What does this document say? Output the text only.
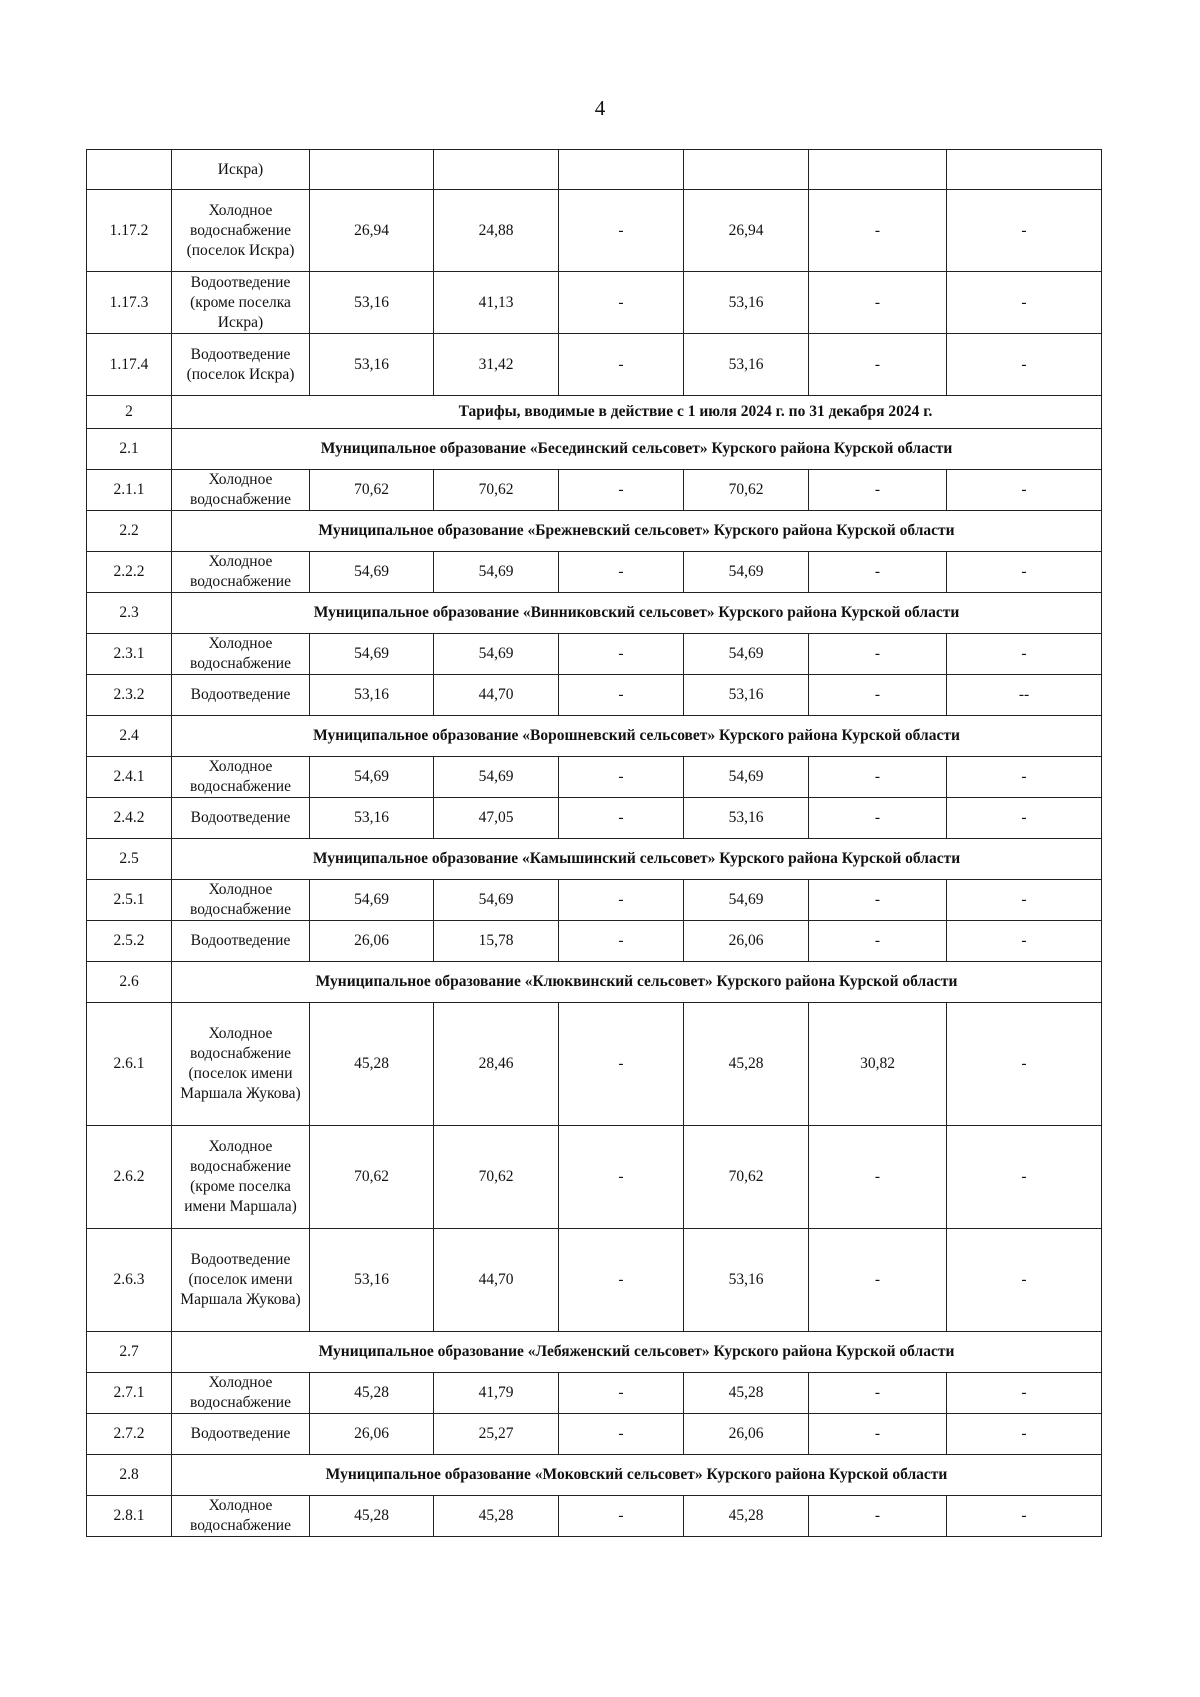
4
	Искра)						
1.17.2	Холодное водоснабжение (поселок Искра)	26,94	24,88	-	26,94	-	-
1.17.3	Водоотведение (кроме поселка Искра)	53,16	41,13	-	53,16	-	-
1.17.4	Водоотведение (поселок Искра)	53,16	31,42	-	53,16	-	-
2	Тарифы, вводимые в действие с 1 июля 2024 г. по 31 декабря 2024 г.						
2.1	Муниципальное образование «Бесединский сельсовет» Курского района Курской области						
2.1.1	Холодное водоснабжение	70,62	70,62	-	70,62	-	-
2.2	Муниципальное образование «Брежневский сельсовет» Курского района Курской области						
2.2.2	Холодное водоснабжение	54,69	54,69	-	54,69	-	-
2.3	Муниципальное образование «Винниковский сельсовет» Курского района Курской области						
2.3.1	Холодное водоснабжение	54,69	54,69	-	54,69	-	-
2.3.2	Водоотведение	53,16	44,70	-	53,16	-	--
2.4	Муниципальное образование «Ворошневский сельсовет» Курского района Курской области						
2.4.1	Холодное водоснабжение	54,69	54,69	-	54,69	-	-
2.4.2	Водоотведение	53,16	47,05	-	53,16	-	-
2.5	Муниципальное образование «Камышинский сельсовет» Курского района Курской области						
2.5.1	Холодное водоснабжение	54,69	54,69	-	54,69	-	-
2.5.2	Водоотведение	26,06	15,78	-	26,06	-	-
2.6	Муниципальное образование «Клюквинский сельсовет» Курского района Курской области						
2.6.1	Холодное водоснабжение (поселок имени Маршала Жукова)	45,28	28,46	-	45,28	30,82	-
2.6.2	Холодное водоснабжение (кроме поселка имени Маршала)	70,62	70,62	-	70,62	-	-
2.6.3	Водоотведение (поселок имени Маршала Жукова)	53,16	44,70	-	53,16	-	-
2.7	Муниципальное образование «Лебяженский сельсовет» Курского района Курской области						
2.7.1	Холодное водоснабжение	45,28	41,79	-	45,28	-	-
2.7.2	Водоотведение	26,06	25,27	-	26,06	-	-
2.8	Муниципальное образование «Моковский сельсовет» Курского района Курской области						
2.8.1	Холодное водоснабжение	45,28	45,28	-	45,28	-	-
